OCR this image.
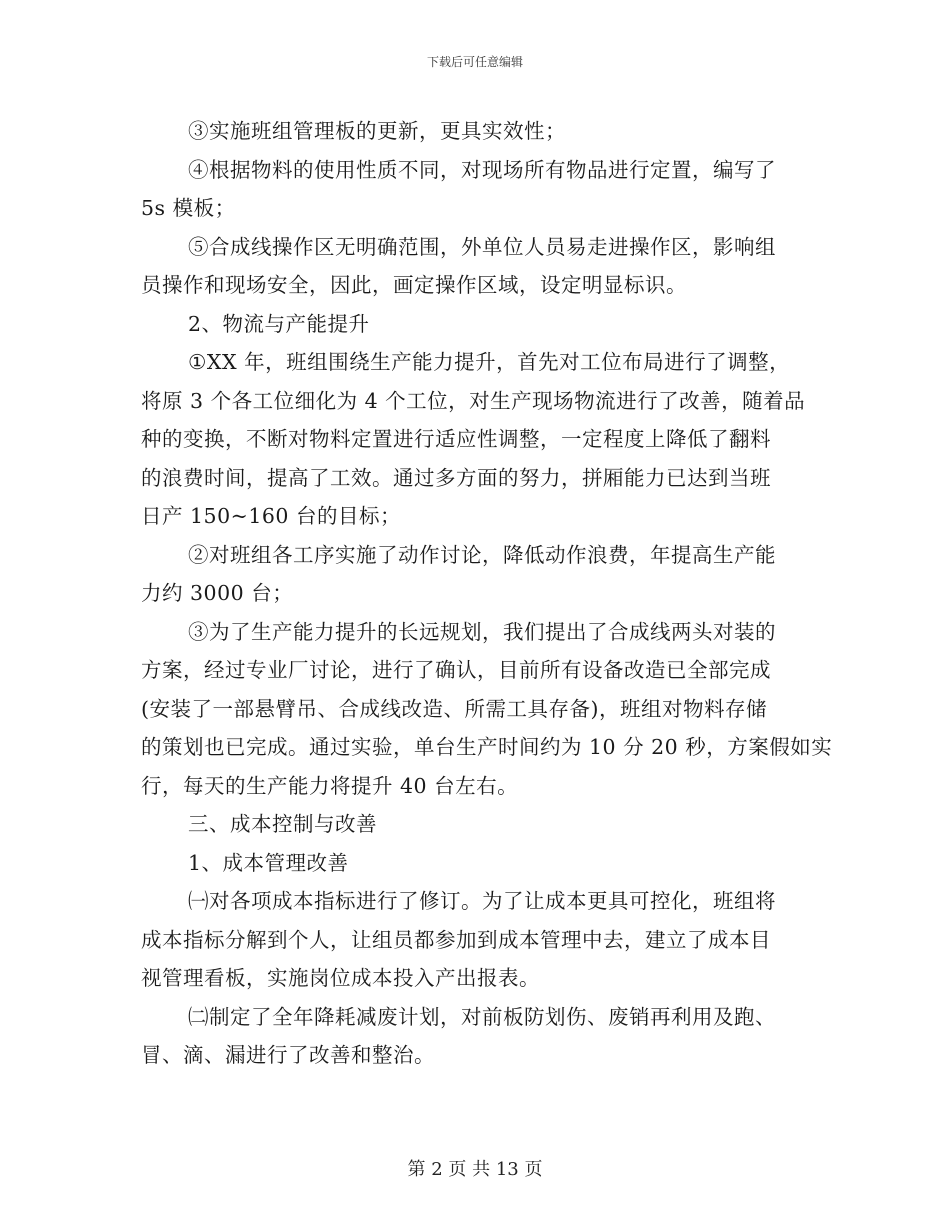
下载后可任意编辑
③实施班组管理板的更新，更具实效性；
④根据物料的使用性质不同，对现场所有物品进行定置，编写了
5s 模板；
⑤合成线操作区无明确范围，外单位人员易走进操作区，影响组
员操作和现场安全，因此，画定操作区域，设定明显标识。
2、物流与产能提升
①XX 年，班组围绕生产能力提升，首先对工位布局进行了调整，
将原 3 个各工位细化为 4 个工位，对生产现场物流进行了改善，随着品
种的变换，不断对物料定置进行适应性调整，一定程度上降低了翻料
的浪费时间，提高了工效。通过多方面的努力，拼厢能力已达到当班
日产 150~160 台的目标；
②对班组各工序实施了动作讨论，降低动作浪费，年提高生产能
力约 3000 台；
③为了生产能力提升的长远规划，我们提出了合成线两头对装的
方案，经过专业厂讨论，进行了确认，目前所有设备改造已全部完成
(安装了一部悬臂吊、合成线改造、所需工具存备)，班组对物料存储
的策划也已完成。通过实验，单台生产时间约为 10 分 20 秒，方案假如实
行，每天的生产能力将提升 40 台左右。
三、成本控制与改善
1、成本管理改善
㈠对各项成本指标进行了修订。为了让成本更具可控化，班组将
成本指标分解到个人，让组员都参加到成本管理中去，建立了成本目
视管理看板，实施岗位成本投入产出报表。
㈡制定了全年降耗减废计划，对前板防划伤、废销再利用及跑、
冒、滴、漏进行了改善和整治。
第 2 页 共 13 页
